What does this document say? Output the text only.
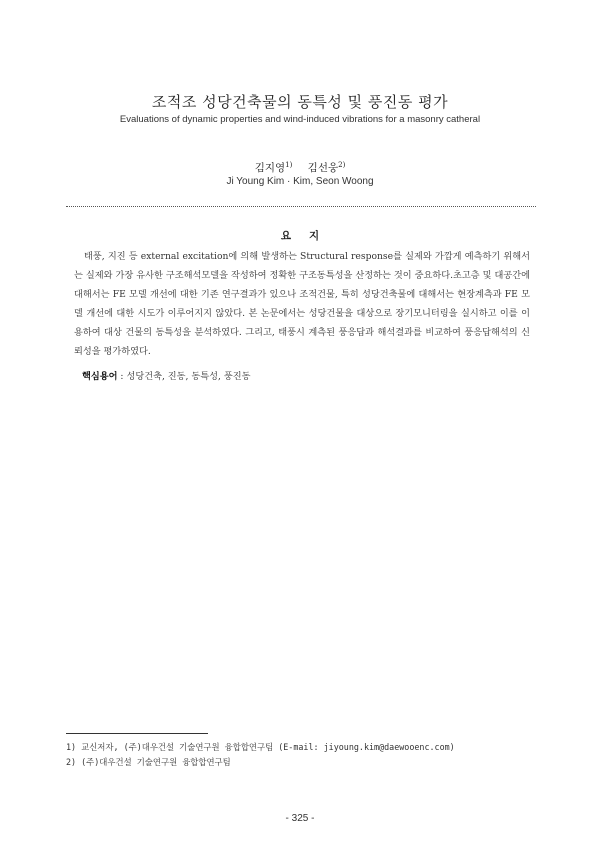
조적조 성당건축물의 동특성 및 풍진동 평가
Evaluations of dynamic properties and wind-induced vibrations for a masonry catheral
김지영$^{1)}$ 김선웅$^{2)}$
Ji Young Kim · Kim, Seon Woong
요지
태풍, 지진 등 external excitation에 의해 발생하는 Structural response를 실제와 가깝게 예측하기 위해서는 실제와 가장 유사한 구조해석모델을 작성하여 정확한 구조동특성을 산정하는 것이 중요하다.초고층 및 대공간에 대해서는 FE 모델 개선에 대한 기존 연구결과가 있으나 조적건물, 특히 성당건축물에 대해서는 현장계측과 FE 모델 개선에 대한 시도가 이루어지지 않았다. 본 논문에서는 성당건물을 대상으로 장기모니터링을 실시하고 이를 이용하여 대상 건물의 동특성을 분석하였다. 그리고, 태풍시 계측된 풍응답과 해석결과를 비교하여 풍응답해석의 신뢰성을 평가하였다.
핵심용어 : 성당건축, 진동, 동특성, 풍진동
1) 교신저자, (주)대우건설 기술연구원 융합합연구팀 (E-mail: jiyoung.kim@daewooenc.com)
2) (주)대우건설 기술연구원 융합합연구팀
- 325 -
